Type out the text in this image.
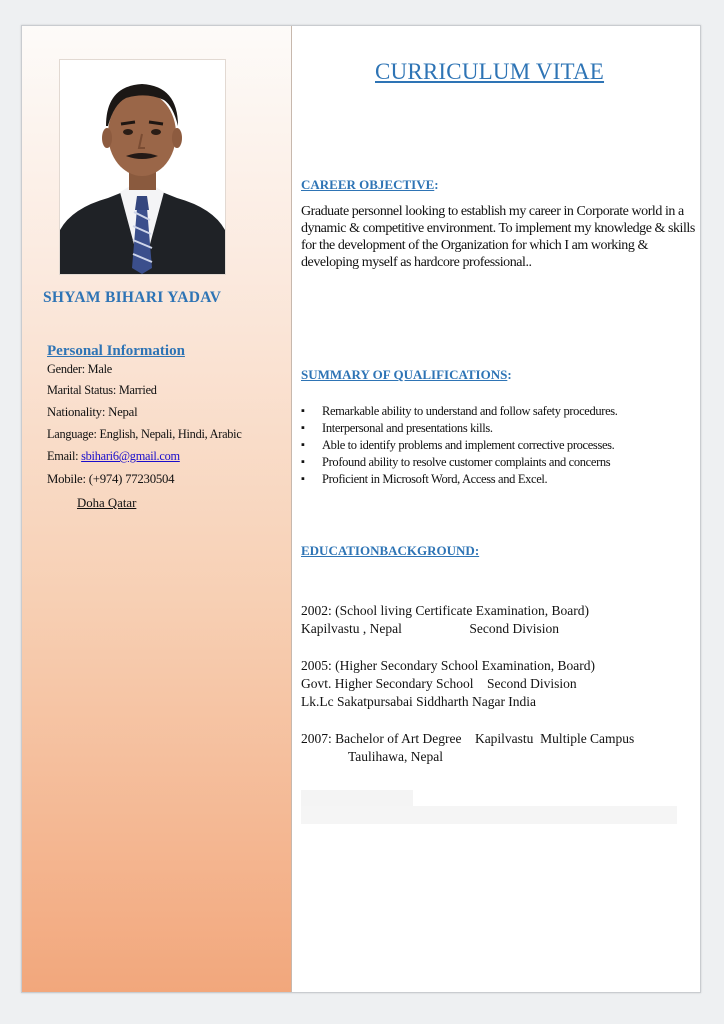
SHYAM BIHARI YADAV
Personal Information
Gender: Male
Marital Status: Married
Nationality: Nepal
Language: English, Nepali, Hindi, Arabic
Email: sbihari6@gmail.com
Mobile: (+974) 77230504
Doha Qatar
CURRICULUM VITAE
CAREER OBJECTIVE:
Graduate personnel looking to establish my career in Corporate world in a dynamic & competitive environment. To implement my knowledge & skills for the development of the Organization for which I am working & developing myself as hardcore professional..
SUMMARY OF QUALIFICATIONS:
▪ Remarkable ability to understand and follow safety procedures.
▪ Interpersonal and presentations kills.
▪ Able to identify problems and implement corrective processes.
▪ Profound ability to resolve customer complaints and concerns
▪ Proficient in Microsoft Word, Access and Excel.
EDUCATIONBACKGROUND:
2002: (School living Certificate Examination, Board)
Kapilvastu , Nepal                    Second Division
2005: (Higher Secondary School Examination, Board)
Govt. Higher Secondary School    Second Division
Lk.Lc Sakatpursabai Siddharth Nagar India
2007: Bachelor of Art Degree    Kapilvastu  Multiple Campus
Taulihawa, Nepal
